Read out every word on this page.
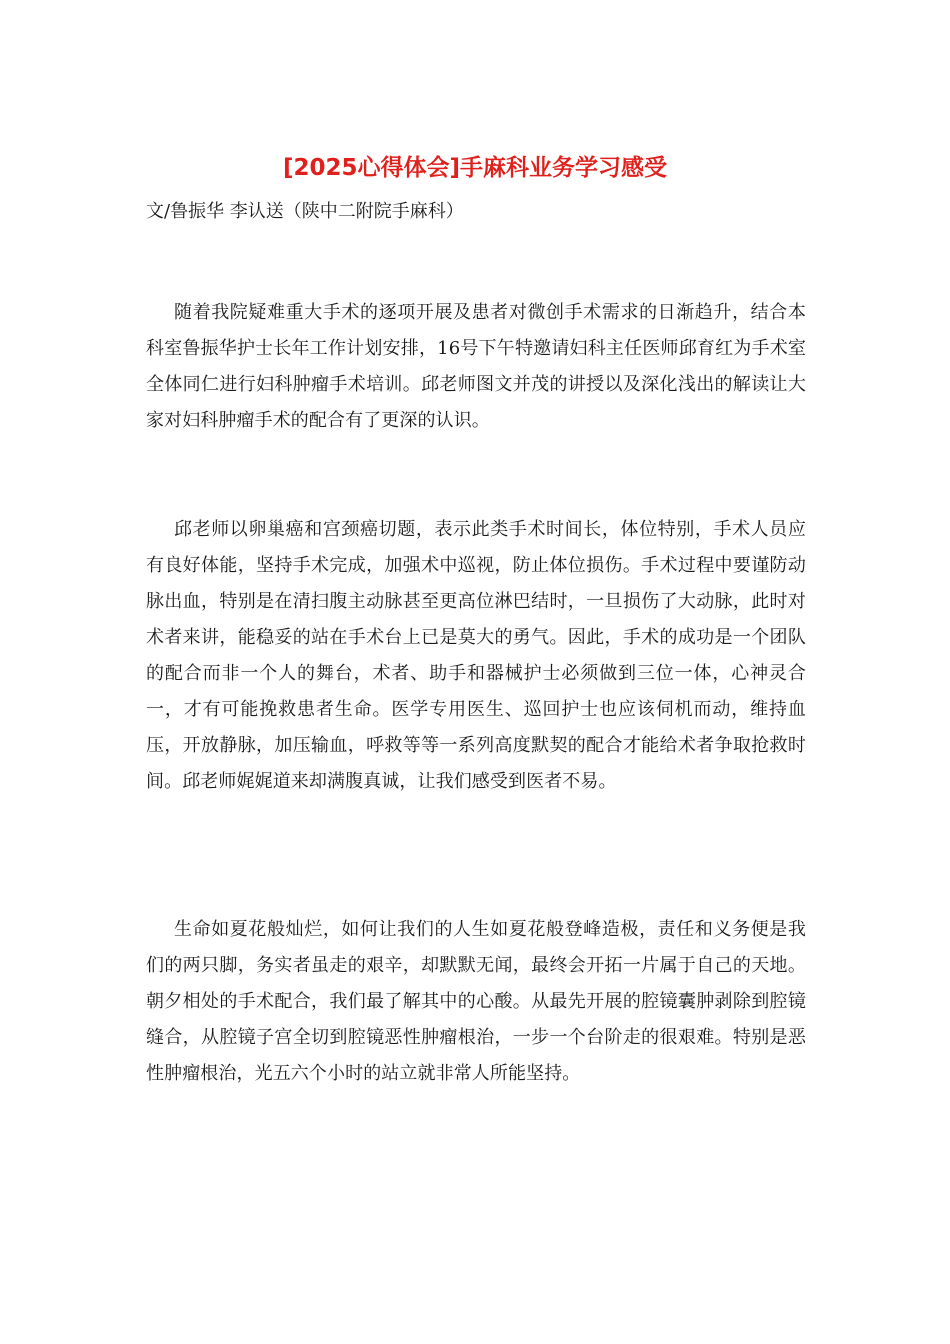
[2025心得体会]手麻科业务学习感受

文/鲁振华 李认送（陕中二附院手麻科）

随着我院疑难重大手术的逐项开展及患者对微创手术需求的日渐趋升，结合本科室鲁振华护士长年工作计划安排，16号下午特邀请妇科主任医师邱育红为手术室全体同仁进行妇科肿瘤手术培训。邱老师图文并茂的讲授以及深化浅出的解读让大家对妇科肿瘤手术的配合有了更深的认识。

邱老师以卵巢癌和宫颈癌切题，表示此类手术时间长，体位特别，手术人员应有良好体能，坚持手术完成，加强术中巡视，防止体位损伤。手术过程中要谨防动脉出血，特别是在清扫腹主动脉甚至更高位淋巴结时，一旦损伤了大动脉，此时对术者来讲，能稳妥的站在手术台上已是莫大的勇气。因此，手术的成功是一个团队的配合而非一个人的舞台，术者、助手和器械护士必须做到三位一体，心神灵合一，才有可能挽救患者生命。医学专用医生、巡回护士也应该伺机而动，维持血压，开放静脉，加压输血，呼救等等一系列高度默契的配合才能给术者争取抢救时间。邱老师娓娓道来却满腹真诚，让我们感受到医者不易。

生命如夏花般灿烂，如何让我们的人生如夏花般登峰造极，责任和义务便是我们的两只脚，务实者虽走的艰辛，却默默无闻，最终会开拓一片属于自己的天地。朝夕相处的手术配合，我们最了解其中的心酸。从最先开展的腔镜囊肿剥除到腔镜缝合，从腔镜子宫全切到腔镜恶性肿瘤根治，一步一个台阶走的很艰难。特别是恶性肿瘤根治，光五六个小时的站立就非常人所能坚持。
